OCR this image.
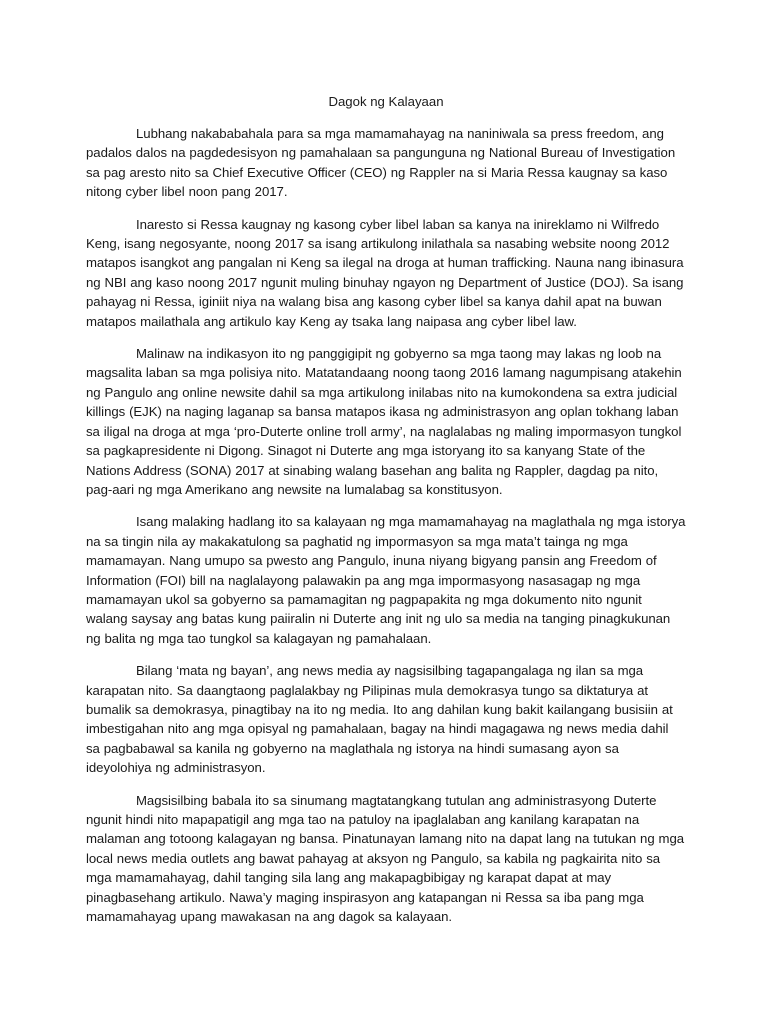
Dagok ng Kalayaan

Lubhang nakababahala para sa mga mamamahayag na naniniwala sa press freedom, ang padalos dalos na pagdedesisyon ng pamahalaan sa pangunguna ng National Bureau of Investigation sa pag aresto nito sa Chief Executive Officer (CEO) ng Rappler na si Maria Ressa kaugnay sa kaso nitong cyber libel noon pang 2017.

Inaresto si Ressa kaugnay ng kasong cyber libel laban sa kanya na inireklamo ni Wilfredo Keng, isang negosyante, noong 2017 sa isang artikulong inilathala sa nasabing website noong 2012 matapos isangkot ang pangalan ni Keng sa ilegal na droga at human trafficking. Nauna nang ibinasura ng NBI ang kaso noong 2017 ngunit muling binuhay ngayon ng Department of Justice (DOJ). Sa isang pahayag ni Ressa, iginiit niya na walang bisa ang kasong cyber libel sa kanya dahil apat na buwan matapos mailathala ang artikulo kay Keng ay tsaka lang naipasa ang cyber libel law.

Malinaw na indikasyon ito ng panggigipit ng gobyerno sa mga taong may lakas ng loob na magsalita laban sa mga polisiya nito. Matatandaang noong taong 2016 lamang nagumpisang atakehin ng Pangulo ang online newsite dahil sa mga artikulong inilabas nito na kumokondena sa extra judicial killings (EJK) na naging laganap sa bansa matapos ikasa ng administrasyon ang oplan tokhang laban sa iligal na droga at mga ‘pro-Duterte online troll army’, na naglalabas ng maling impormasyon tungkol sa pagkapresidente ni Digong. Sinagot ni Duterte ang mga istoryang ito sa kanyang State of the Nations Address (SONA) 2017 at sinabing walang basehan ang balita ng Rappler, dagdag pa nito, pag-aari ng mga Amerikano ang newsite na lumalabag sa konstitusyon.

Isang malaking hadlang ito sa kalayaan ng mga mamamahayag na maglathala ng mga istorya na sa tingin nila ay makakatulong sa paghatid ng impormasyon sa mga mata’t tainga ng mga mamamayan. Nang umupo sa pwesto ang Pangulo, inuna niyang bigyang pansin ang Freedom of Information (FOI) bill na naglalayong palawakin pa ang mga impormasyong nasasagap ng mga mamamayan ukol sa gobyerno sa pamamagitan ng pagpapakita ng mga dokumento nito ngunit walang saysay ang batas kung paiiralin ni Duterte ang init ng ulo sa media na tanging pinagkukunan ng balita ng mga tao tungkol sa kalagayan ng pamahalaan.

Bilang ‘mata ng bayan’, ang news media ay nagsisilbing tagapangalaga ng ilan sa mga karapatan nito. Sa daangtaong paglalakbay ng Pilipinas mula demokrasya tungo sa diktaturya at bumalik sa demokrasya, pinagtibay na ito ng media. Ito ang dahilan kung bakit kailangang busisiin at imbestigahan nito ang mga opisyal ng pamahalaan, bagay na hindi magagawa ng news media dahil sa pagbabawal sa kanila ng gobyerno na maglathala ng istorya na hindi sumasang ayon sa ideyolohiya ng administrasyon.

Magsisilbing babala ito sa sinumang magtatangkang tutulan ang administrasyong Duterte ngunit hindi nito mapapatigil ang mga tao na patuloy na ipaglalaban ang kanilang karapatan na malaman ang totoong kalagayan ng bansa. Pinatunayan lamang nito na dapat lang na tutukan ng mga local news media outlets ang bawat pahayag at aksyon ng Pangulo, sa kabila ng pagkairita nito sa mga mamamahayag, dahil tanging sila lang ang makapagbibigay ng karapat dapat at may pinagbasehang artikulo. Nawa’y maging inspirasyon ang katapangan ni Ressa sa iba pang mga mamamahayag upang mawakasan na ang dagok sa kalayaan.
